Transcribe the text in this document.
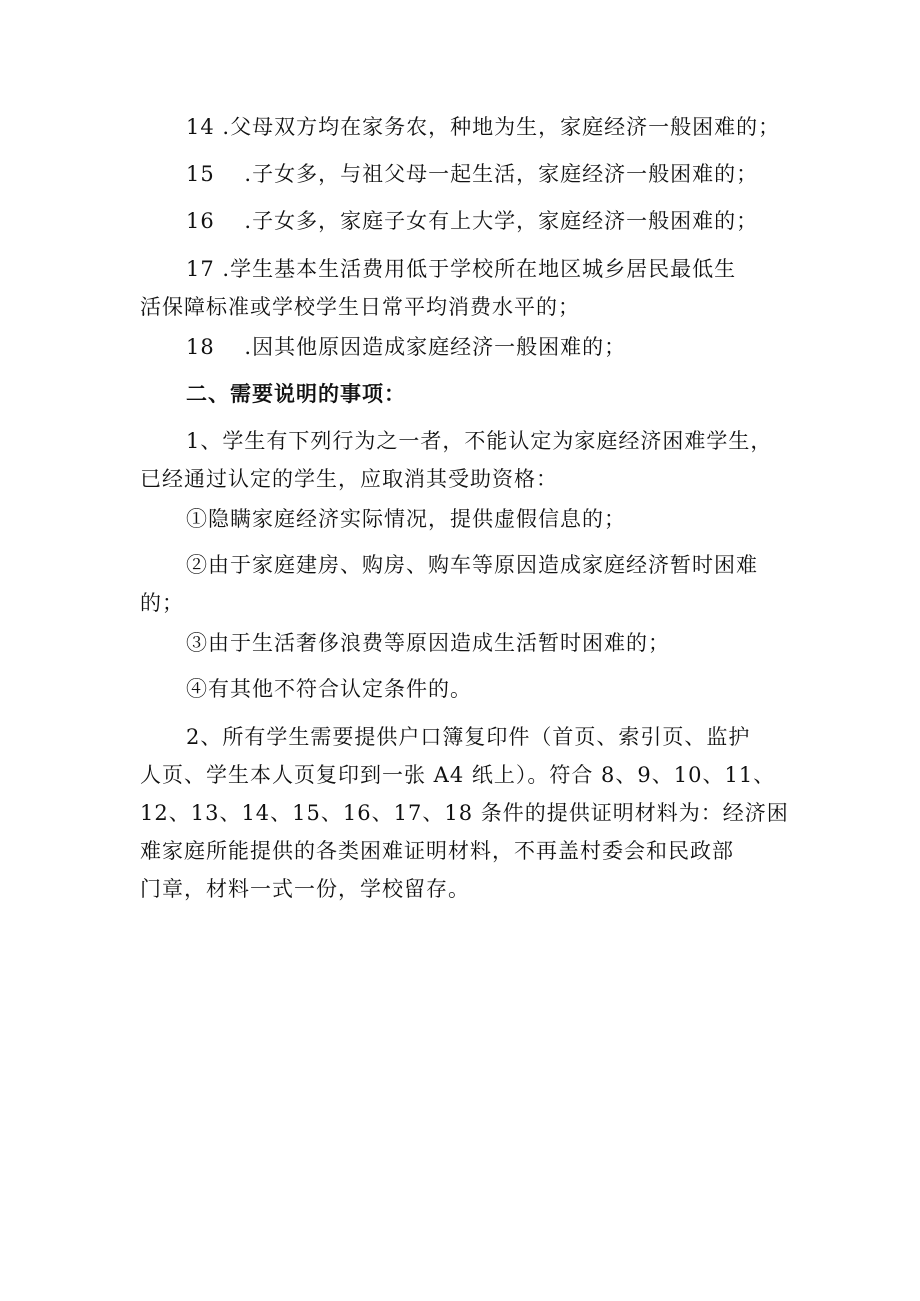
14 .父母双方均在家务农，种地为生，家庭经济一般困难的；

15　 .子女多，与祖父母一起生活，家庭经济一般困难的；

16　 .子女多，家庭子女有上大学，家庭经济一般困难的；

17 .学生基本生活费用低于学校所在地区城乡居民最低生
活保障标准或学校学生日常平均消费水平的；

18　 .因其他原因造成家庭经济一般困难的；

二、需要说明的事项：

1、学生有下列行为之一者，不能认定为家庭经济困难学生，
已经通过认定的学生，应取消其受助资格：

①隐瞒家庭经济实际情况，提供虚假信息的；

②由于家庭建房、购房、购车等原因造成家庭经济暂时困难
的；

③由于生活奢侈浪费等原因造成生活暂时困难的；

④有其他不符合认定条件的。

2、所有学生需要提供户口簿复印件（首页、索引页、监护
人页、学生本人页复印到一张 A4 纸上）。符合 8、9、10、11、
12、13、14、15、16、17、18 条件的提供证明材料为：经济困
难家庭所能提供的各类困难证明材料，不再盖村委会和民政部
门章，材料一式一份，学校留存。
